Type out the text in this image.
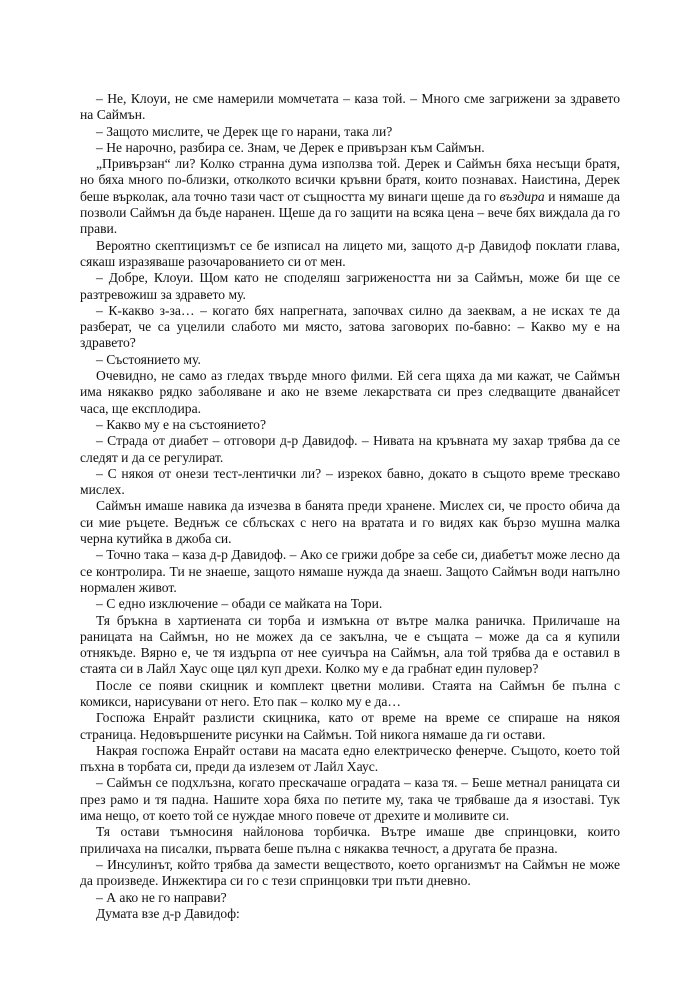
– Не, Клоуи, не сме намерили момчетата – каза той. – Много сме загрижени за здравето на Саймън.

– Защото мислите, че Дерек ще го нарани, така ли?

– Не нарочно, разбира се. Знам, че Дерек е привързан към Саймън.

„Привързан“ ли? Колко странна дума използва той. Дерек и Саймън бяха несъщи братя, но бяха много по-близки, отколкото всички кръвни братя, които познавах. Наистина, Дерек беше върколак, ала точно тази част от същността му винаги щеше да го въздира и нямаше да позволи Саймън да бъде наранен. Щеше да го защити на всяка цена – вече бях виждала да го прави.

Вероятно скептицизмът се бе изписал на лицето ми, защото д-р Давидоф поклати глава, сякаш изразяваше разочарованието си от мен.

– Добре, Клоуи. Щом като не споделяш загрижеността ни за Саймън, може би ще се разтревожиш за здравето му.

– К-какво з-за… – когато бях напрегната, започвах силно да заеквам, а не исках те да разберат, че са уцелили слабото ми място, затова заговорих по-бавно: – Какво му е на здравето?

– Състоянието му.

Очевидно, не само аз гледах твърде много филми. Ей сега щяха да ми кажат, че Саймън има някакво рядко заболяване и ако не вземе лекарствата си през следващите дванайсет часа, ще експлодира.

– Какво му е на състоянието?

– Страда от диабет – отговори д-р Давидоф. – Нивата на кръвната му захар трябва да се следят и да се регулират.

– С някоя от онези тест-лентички ли? – изрекох бавно, докато в същото време трескаво мислех.

Саймън имаше навика да изчезва в банята преди хранене. Мислех си, че просто обича да си мие ръцете. Веднъж се сблъсках с него на вратата и го видях как бързо мушна малка черна кутийка в джоба си.

– Точно така – каза д-р Давидоф. – Ако се грижи добре за себе си, диабетът може лесно да се контролира. Ти не знаеше, защото нямаше нужда да знаеш. Защото Саймън води напълно нормален живот.

– С едно изключение – обади се майката на Тори.

Тя бръкна в хартиената си торба и измъкна от вътре малка раничка. Приличаше на раницата на Саймън, но не можех да се закълна, че е същата – може да са я купили отнякъде. Вярно е, че тя издърпа от нее суичъра на Саймън, ала той трябва да е оставил в стаята си в Лайл Хаус още цял куп дрехи. Колко му е да грабнат един пуловер?

После се появи скицник и комплект цветни моливи. Стаята на Саймън бе пълна с комикси, нарисувани от него. Ето пак – колко му е да…

Госпожа Енрайт разлисти скицника, като от време на време се спираше на някоя страница. Недовършените рисунки на Саймън. Той никога нямаше да ги остави.

Накрая госпожа Енрайт остави на масата едно електрическо фенерче. Същото, което той пъхна в торбата си, преди да излезем от Лайл Хаус.

– Саймън се подхлъзна, когато прескачаше оградата – каза тя. – Беше метнал раницата си през рамо и тя падна. Нашите хора бяха по петите му, така че трябваше да я изоставі. Тук има нещо, от което той се нуждае много повече от дрехите и моливите си.

Тя остави тъмносиня найлонова торбичка. Вътре имаше две спринцовки, които приличаха на писалки, първата беше пълна с някаква течност, а другата бе празна.

– Инсулинът, който трябва да замести веществото, което организмът на Саймън не може да произведе. Инжектира си го с тези спринцовки три пъти дневно.

– А ако не го направи?

Думата взе д-р Давидоф:
